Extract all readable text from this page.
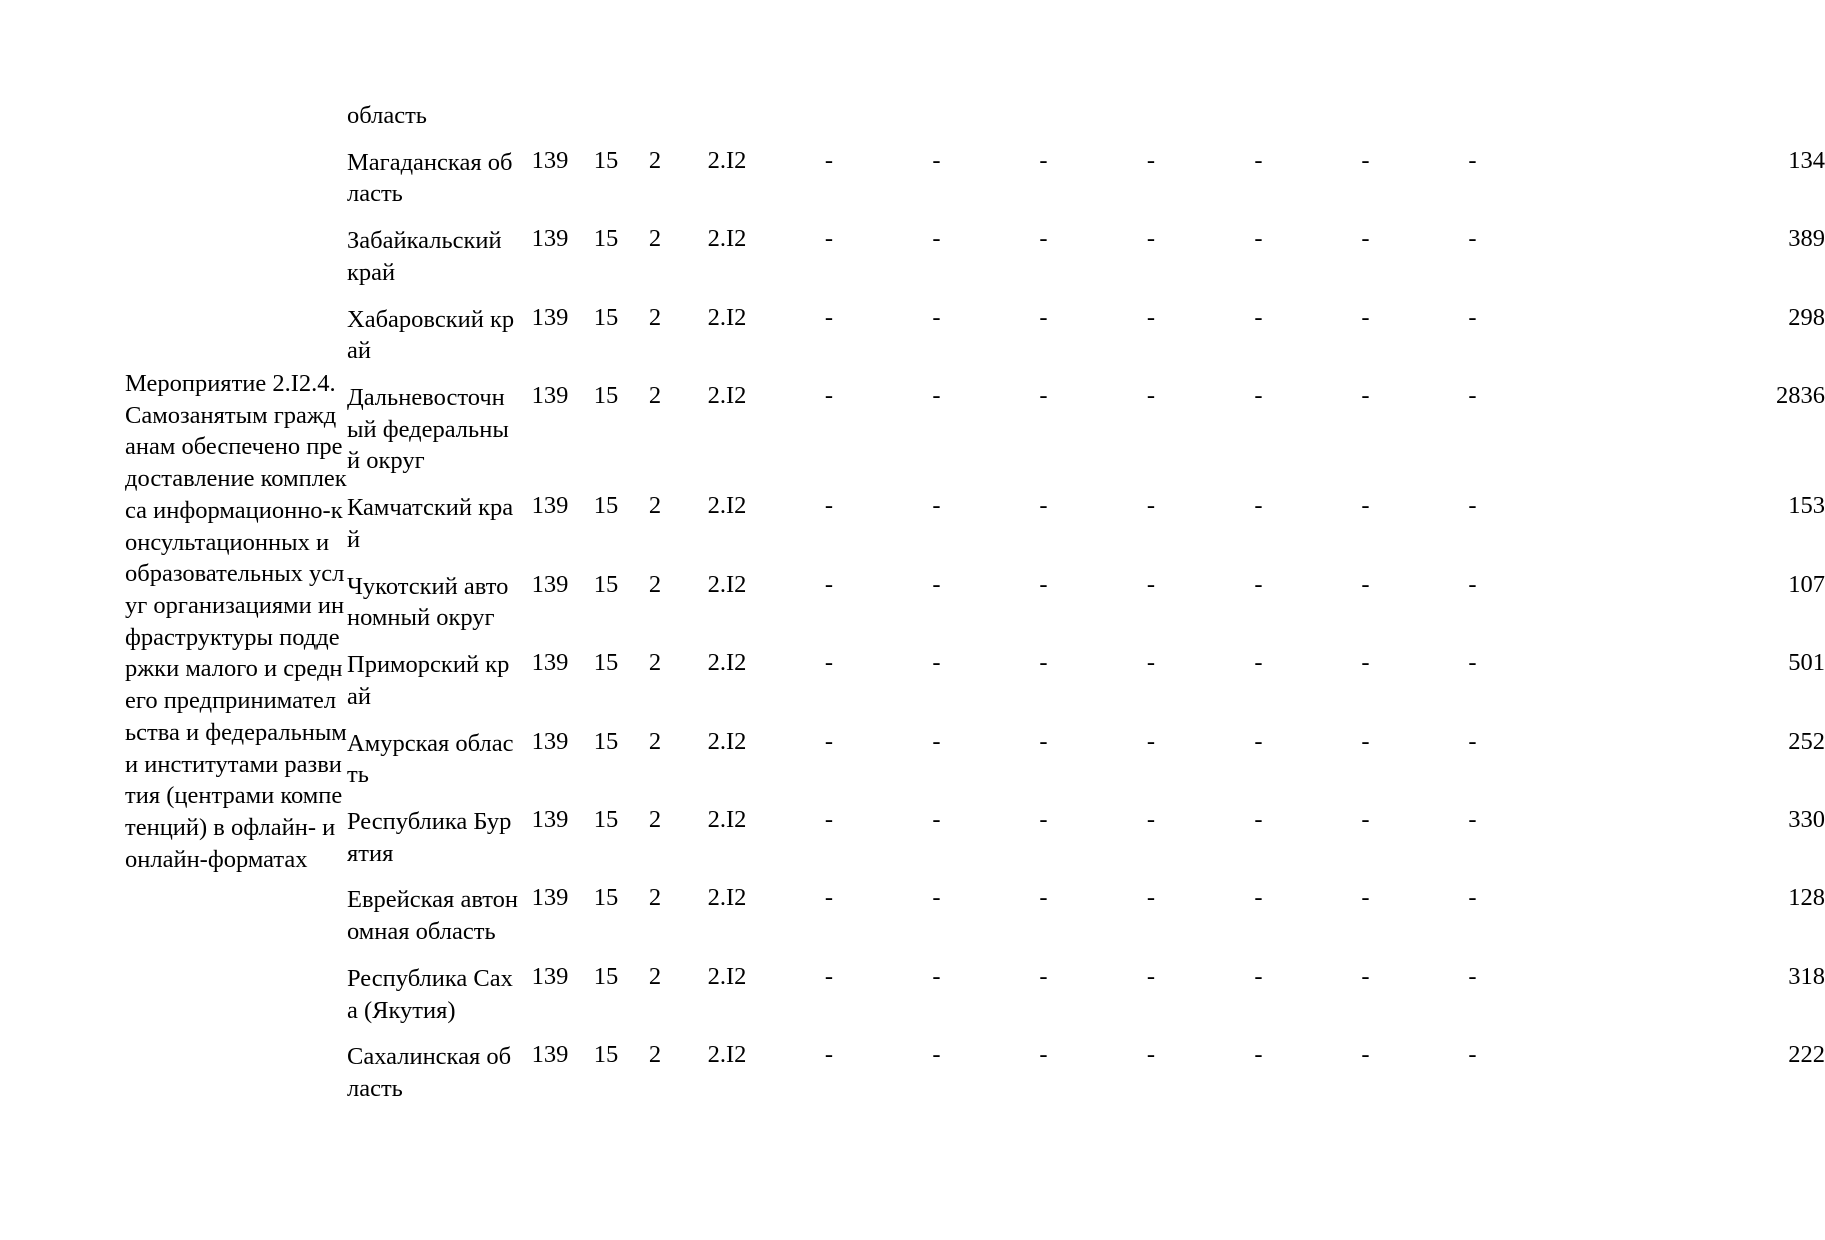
Мероприятие 2.I2.4. Самозанятым гражданам обеспечено предоставление комплекса информационно-консультационных и образовательных услуг организациями инфраструктуры поддержки малого и среднего предпринимательства и федеральными институтами развития (центрами компетенций) в офлайн- и онлайн-форматах	область												
	Магаданская область	139	15	2	2.I2	-	-	-	-	-	-	-	134
	Забайкальский край	139	15	2	2.I2	-	-	-	-	-	-	-	389
	Хабаровский край	139	15	2	2.I2	-	-	-	-	-	-	-	298
	Дальневосточный федеральный округ	139	15	2	2.I2	-	-	-	-	-	-	-	2836
	Камчатский край	139	15	2	2.I2	-	-	-	-	-	-	-	153
	Чукотский автономный округ	139	15	2	2.I2	-	-	-	-	-	-	-	107
	Приморский край	139	15	2	2.I2	-	-	-	-	-	-	-	501
	Амурская область	139	15	2	2.I2	-	-	-	-	-	-	-	252
	Республика Бурятия	139	15	2	2.I2	-	-	-	-	-	-	-	330
	Еврейская автономная область	139	15	2	2.I2	-	-	-	-	-	-	-	128
	Республика Саха (Якутия)	139	15	2	2.I2	-	-	-	-	-	-	-	318
	Сахалинская область	139	15	2	2.I2	-	-	-	-	-	-	-	222
